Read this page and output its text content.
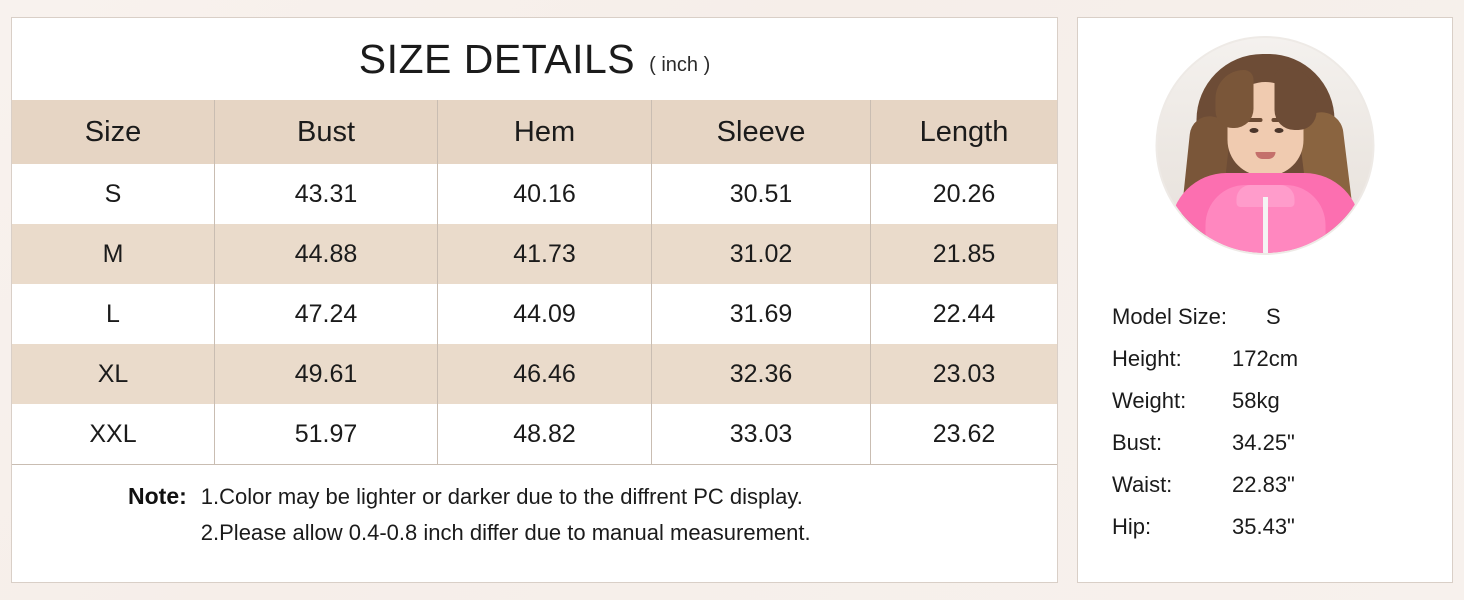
SIZE DETAILS ( inch )
Size	Bust	Hem	Sleeve	Length
S	43.31	40.16	30.51	20.26
M	44.88	41.73	31.02	21.85
L	47.24	44.09	31.69	22.44
XL	49.61	46.46	32.36	23.03
XXL	51.97	48.82	33.03	23.62
Note: 1.Color may be lighter or darker due to the diffrent PC display.
2.Please allow 0.4-0.8 inch differ due to manual measurement.
Model Size:	S
Height:	172cm
Weight:	58kg
Bust:	34.25"
Waist:	22.83"
Hip:	35.43"
